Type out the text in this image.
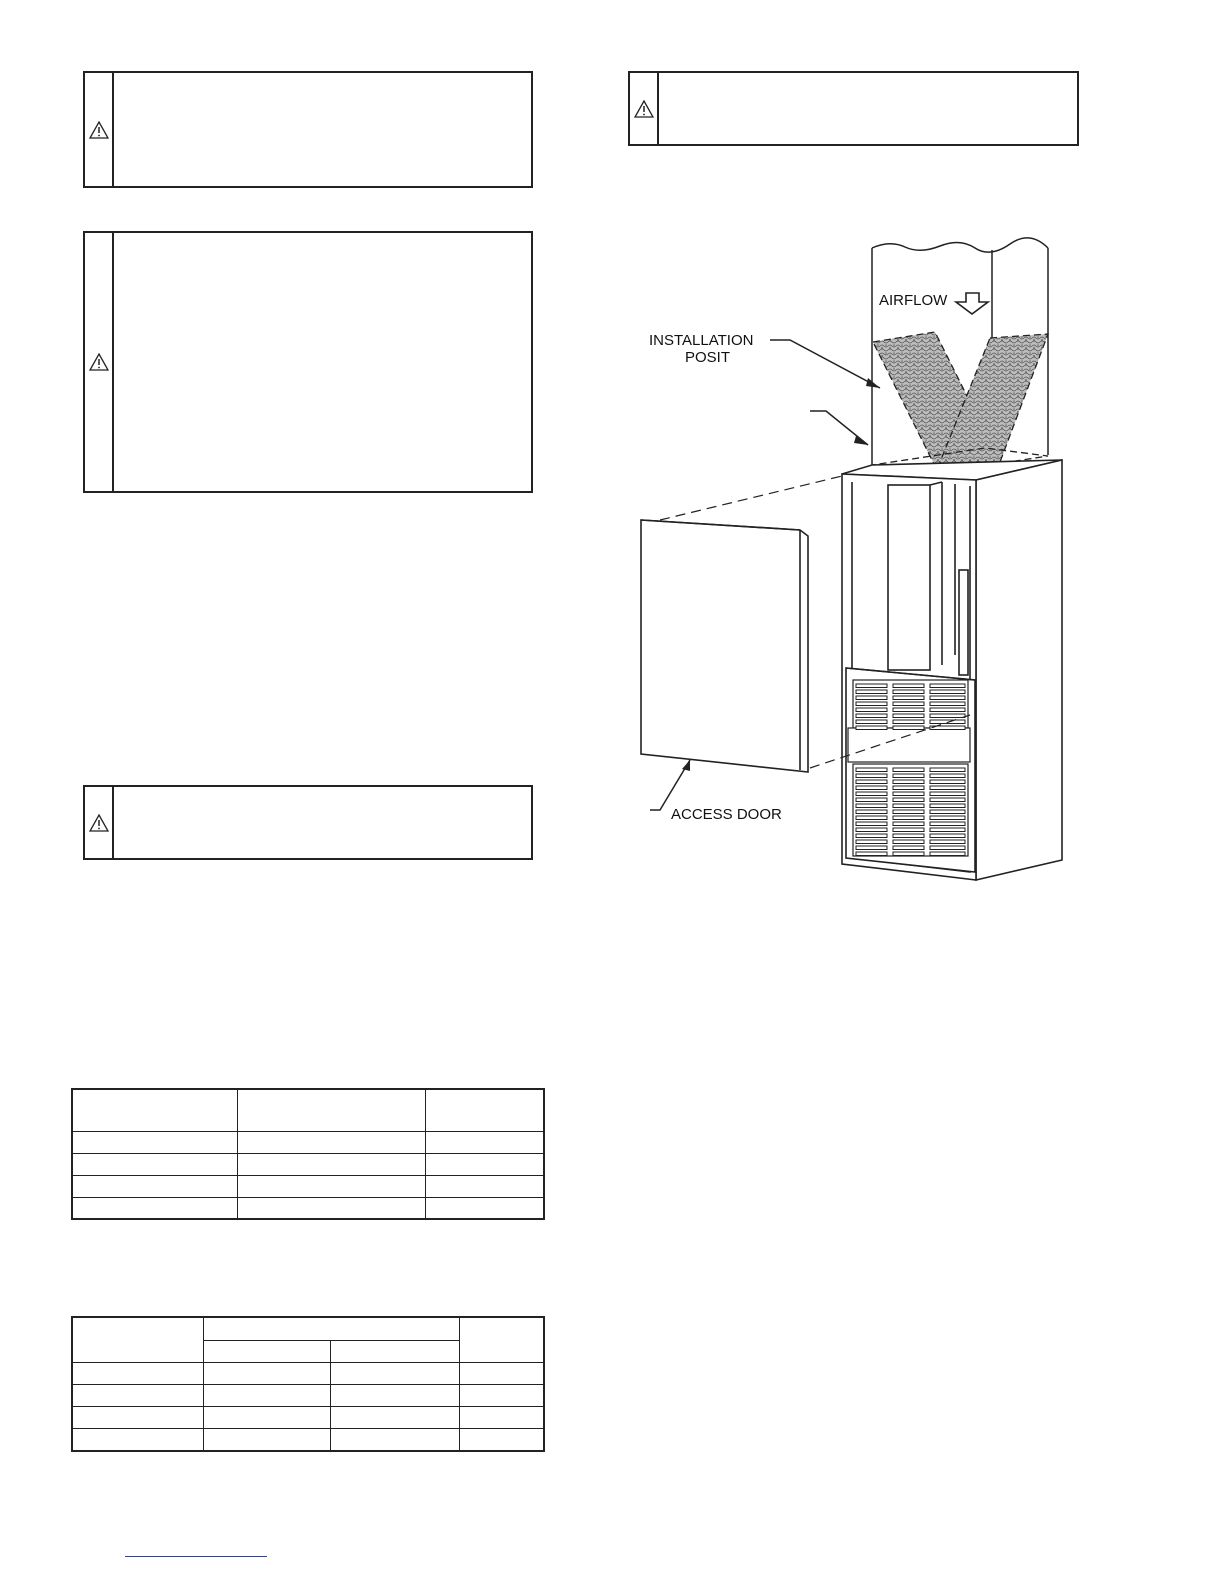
AIRFLOW
INSTALLATION
POSIT
ACCESS DOOR
